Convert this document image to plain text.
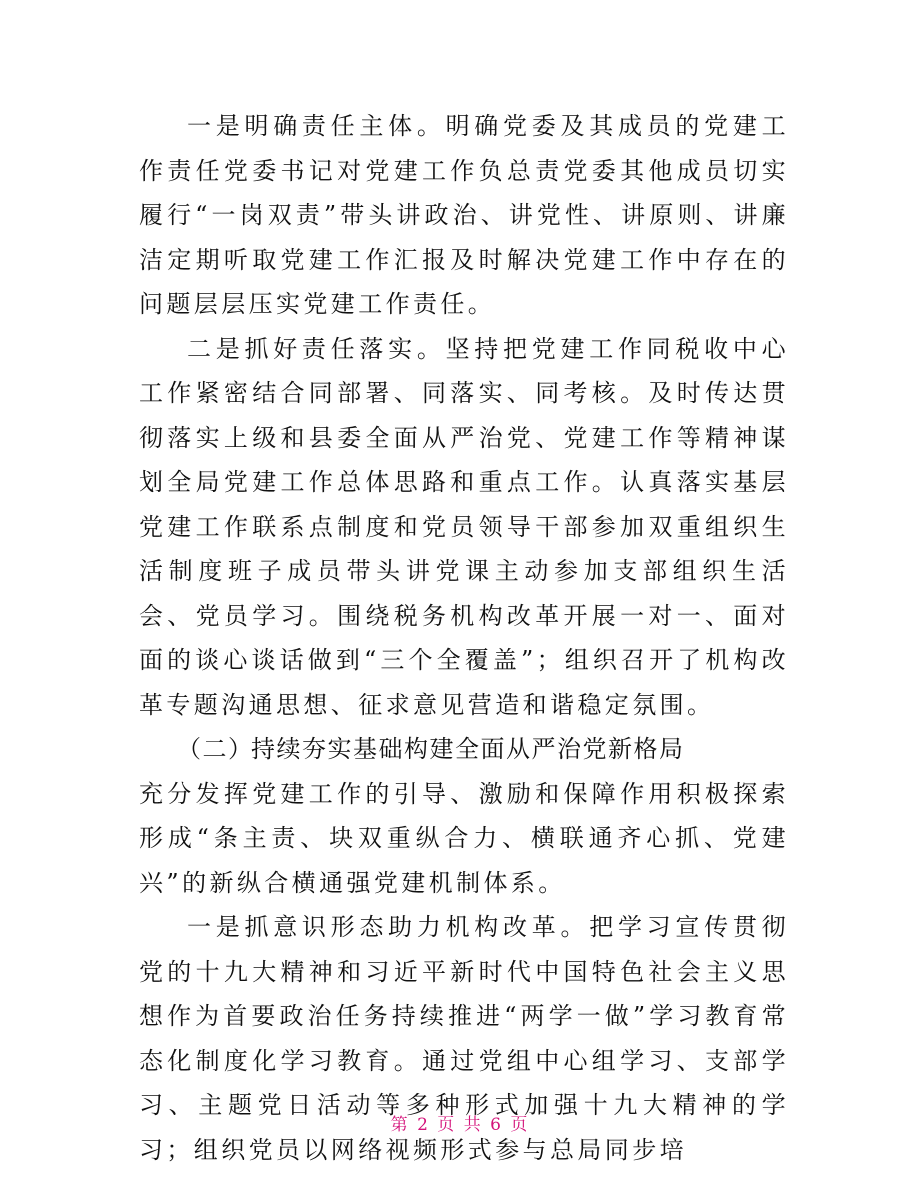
一是明确责任主体。明确党委及其成员的党建工作责任党委书记对党建工作负总责党委其他成员切实履行“一岗双责”带头讲政治、讲党性、讲原则、讲廉洁定期听取党建工作汇报及时解决党建工作中存在的问题层层压实党建工作责任。

二是抓好责任落实。坚持把党建工作同税收中心工作紧密结合同部署、同落实、同考核。及时传达贯彻落实上级和县委全面从严治党、党建工作等精神谋划全局党建工作总体思路和重点工作。认真落实基层党建工作联系点制度和党员领导干部参加双重组织生活制度班子成员带头讲党课主动参加支部组织生活会、党员学习。围绕税务机构改革开展一对一、面对面的谈心谈话做到“三个全覆盖”；组织召开了机构改革专题沟通思想、征求意见营造和谐稳定氛围。

（二）持续夯实基础构建全面从严治党新格局

充分发挥党建工作的引导、激励和保障作用积极探索形成“条主责、块双重纵合力、横联通齐心抓、党建兴”的新纵合横通强党建机制体系。

一是抓意识形态助力机构改革。把学习宣传贯彻党的十九大精神和习近平新时代中国特色社会主义思想作为首要政治任务持续推进“两学一做”学习教育常态化制度化学习教育。通过党组中心组学习、支部学习、主题党日活动等多种形式加强十九大精神的学习；组织党员以网络视频形式参与总局同步培

第 2 页 共 6 页
